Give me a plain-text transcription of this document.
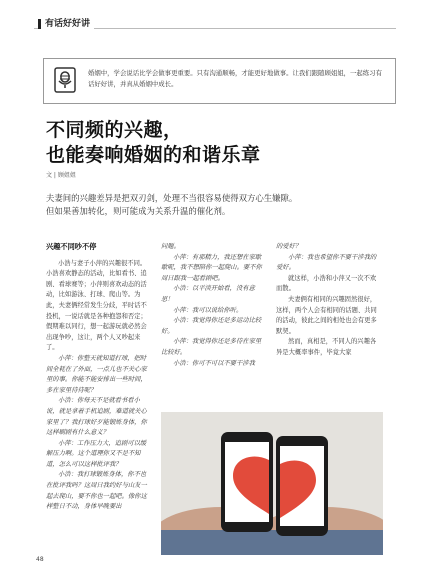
有话好好讲
婚姻中，学会说话比学会做事更重要。只有沟通顺畅，才能更好地做事。让我们跟随顾姐姐，一起练习有话好好讲，并真从婚姻中成长。
不同频的兴趣，
也能奏响婚姻的和谐乐章
文 | 顾姐姐
夫妻间的兴趣差异是把双刃剑，处理不当很容易使得双方心生嫌隙。
但如果善加转化，则可能成为关系升温的催化剂。

兴趣不同吵不停

小浩与妻子小萍的兴趣很不同。小浩喜欢静态的活动，比如看书、追剧、看球赛等；小萍则喜欢动态的活动，比如游泳、打球、爬山等。为此，夫妻俩经常发生分歧，平时话不投机，一说话就是各种抱怨和否定；假期难以同行，想一起游玩就必然会出现争吵，这让，两个人又吵起来了。

小萍：你整天就知道打球，把时间全耗在了外面，一点儿也不关心家里的事。你能不能安排出一些时间，多在家里待待呢？

小浩：你每天不是就看书看小说，就是拿着手机追剧，难道就关心家里了？我打球好歹能锻炼身体，你这样刷剧有什么意义？

小萍：工作压力大，追剧可以缓解压力啊。这个道理你又不是不知道，怎么可以这样批评我？

小浩：我打球锻炼身体，你不也在批评我吗？这周日我约好与山友一起去爬山，要不你也一起吧。像你这样整日不动，身体早晚要出

问题。

小萍：有那精力，我还想在家歇歇呢，我不想陪你一起爬山。要不你周日跟我一起看剧吧。

小浩：以平淡开始看，没有意思！

小萍：我可以说给你听。

小浩：我觉得你还是多运动比较好。

小萍：我觉得你还是多待在家里比较好。

小浩：你可不可以不要干涉我

的爱好？

小萍：我也希望你不要干涉我的爱好。

就这样，小浩和小萍又一次不欢而散。

夫妻俩有相同的兴趣固然很好，这样，两个人会有相同的话题、共同的活动，彼此之间的相处也会有更多默契。

然而，真相是，不同人的兴趣各异是大概率事件，毕竟大家

48
